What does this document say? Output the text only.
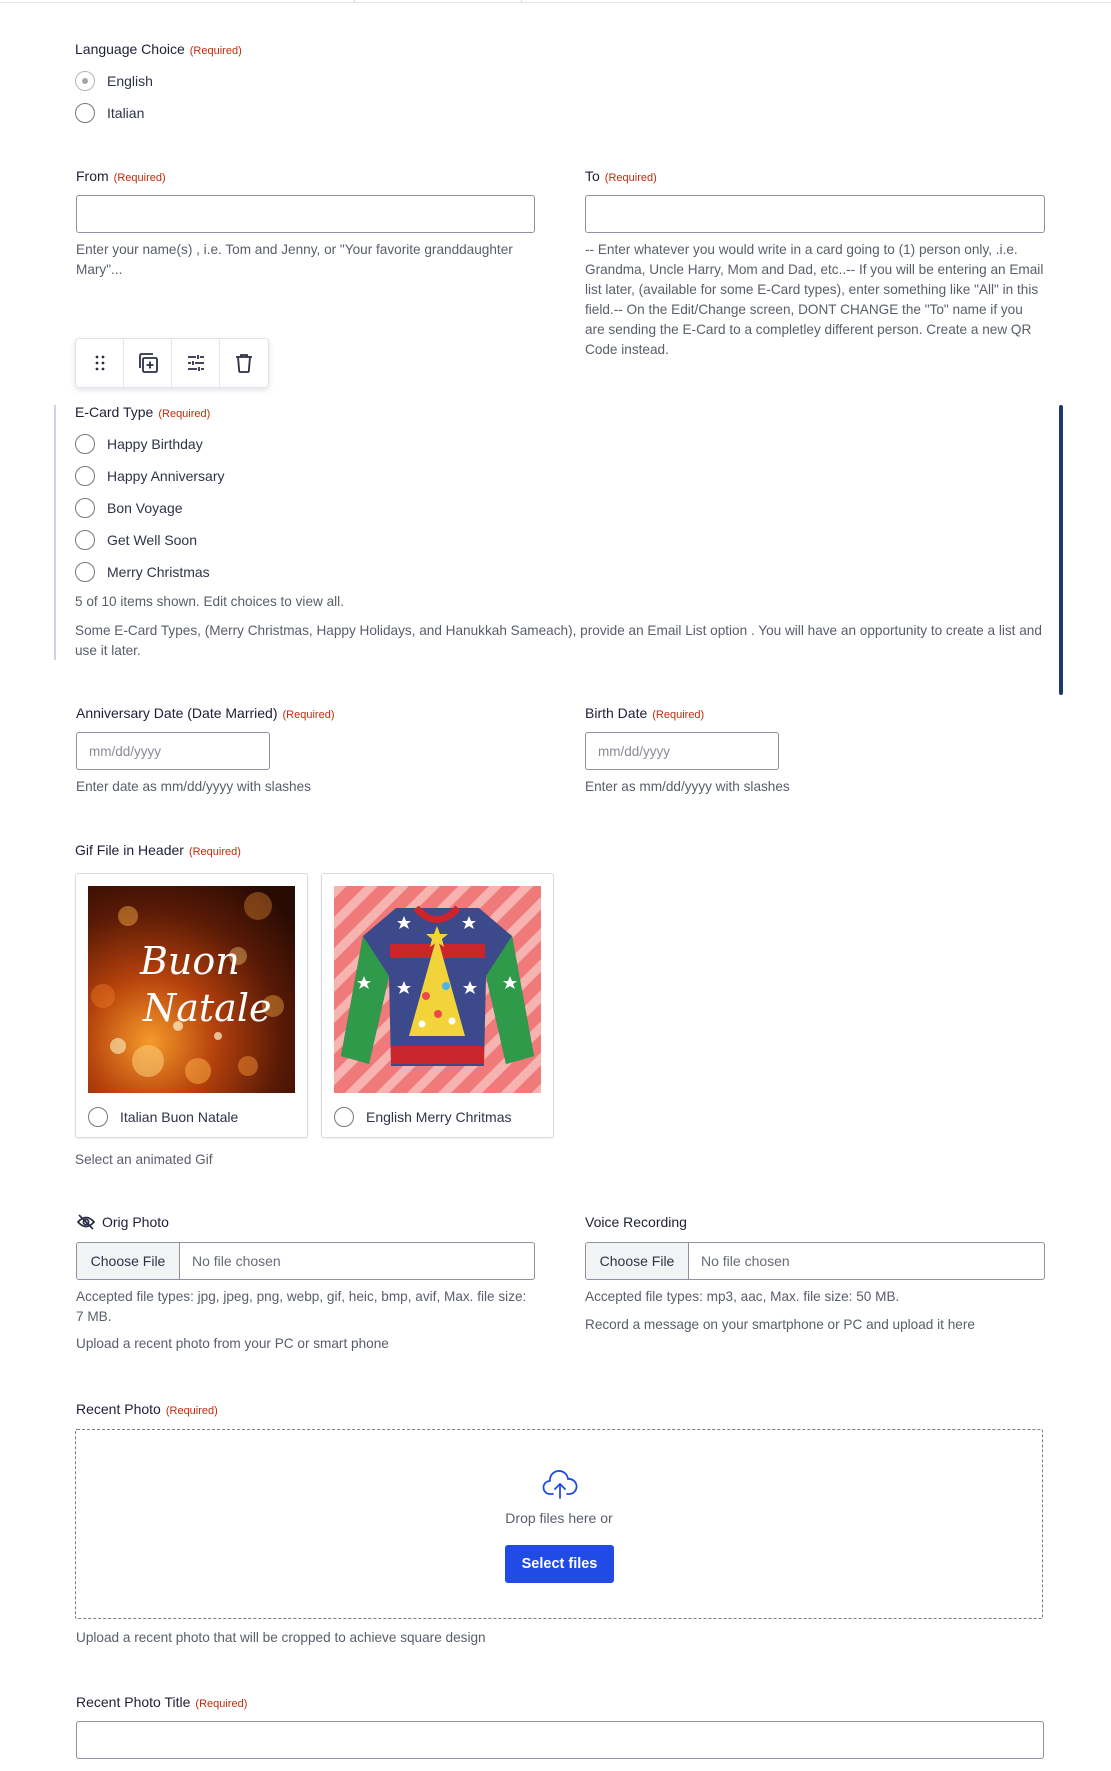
Language Choice (Required)
English
Italian
From (Required)
Enter your name(s) , i.e. Tom and Jenny, or "Your favorite granddaughter Mary"...
To (Required)
-- Enter whatever you would write in a card going to (1) person only, .i.e. Grandma, Uncle Harry, Mom and Dad, etc..-- If you will be entering an Email list later, (available for some E-Card types), enter something like "All" in this field.-- On the Edit/Change screen, DONT CHANGE the "To" name if you are sending the E-Card to a completley different person. Create a new QR Code instead.
E-Card Type (Required)
Happy Birthday
Happy Anniversary
Bon Voyage
Get Well Soon
Merry Christmas
5 of 10 items shown. Edit choices to view all.
Some E-Card Types, (Merry Christmas, Happy Holidays, and Hanukkah Sameach), provide an Email List option . You will have an opportunity to create a list and use it later.
Anniversary Date (Date Married) (Required)
mm/dd/yyyy
Enter date as mm/dd/yyyy with slashes
Birth Date (Required)
mm/dd/yyyy
Enter as mm/dd/yyyy with slashes
Gif File in Header (Required)
Buon
Natale
Italian Buon Natale	English Merry Chritmas
Select an animated Gif
Orig Photo
Choose File	No file chosen
Accepted file types: jpg, jpeg, png, webp, gif, heic, bmp, avif, Max. file size: 7 MB.
Upload a recent photo from your PC or smart phone
Voice Recording
Choose File	No file chosen
Accepted file types: mp3, aac, Max. file size: 50 MB.
Record a message on your smartphone or PC and upload it here
Recent Photo (Required)
Drop files here or
Select files
Upload a recent photo that will be cropped to achieve square design
Recent Photo Title (Required)
